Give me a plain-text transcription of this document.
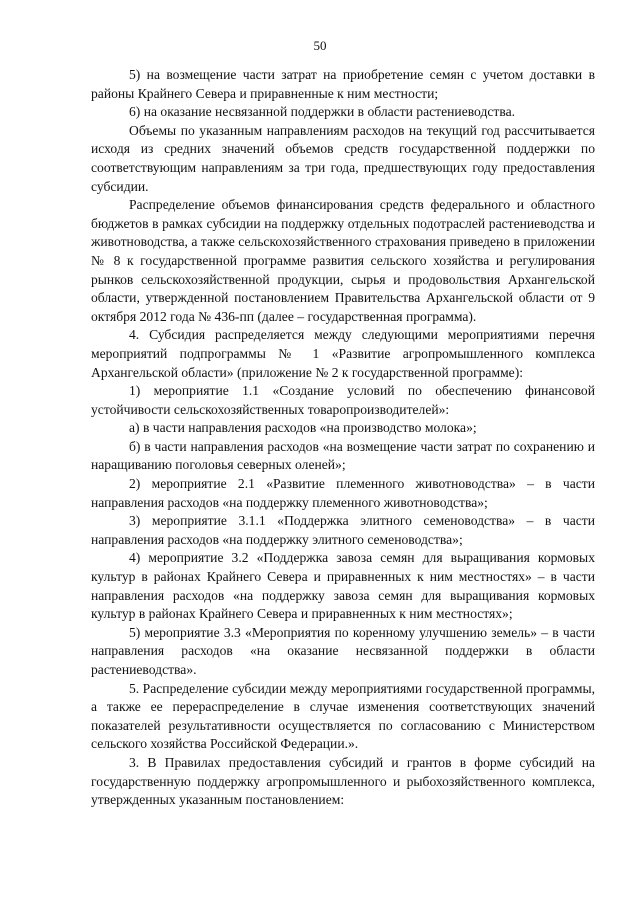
50

5) на возмещение части затрат на приобретение семян с учетом доставки в районы Крайнего Севера и приравненные к ним местности;

6) на оказание несвязанной поддержки в области растениеводства.

Объемы по указанным направлениям расходов на текущий год рассчитывается исходя из средних значений объемов средств государственной поддержки по соответствующим направлениям за три года, предшествующих году предоставления субсидии.

Распределение объемов финансирования средств федерального и областного бюджетов в рамках субсидии на поддержку отдельных подотраслей растениеводства и животноводства, а также сельскохозяйственного страхования приведено в приложении № 8 к государственной программе развития сельского хозяйства и регулирования рынков сельскохозяйственной продукции, сырья и продовольствия Архангельской области, утвержденной постановлением Правительства Архангельской области от 9 октября 2012 года № 436-пп (далее – государственная программа).

4. Субсидия распределяется между следующими мероприятиями перечня мероприятий подпрограммы № 1 «Развитие агропромышленного комплекса Архангельской области» (приложение № 2 к государственной программе):

1) мероприятие 1.1 «Создание условий по обеспечению финансовой устойчивости сельскохозяйственных товаропроизводителей»:

а) в части направления расходов «на производство молока»;

б) в части направления расходов «на возмещение части затрат по сохранению и наращиванию поголовья северных оленей»;

2) мероприятие 2.1 «Развитие племенного животноводства» – в части направления расходов «на поддержку племенного животноводства»;

3) мероприятие 3.1.1 «Поддержка элитного семеноводства» – в части направления расходов «на поддержку элитного семеноводства»;

4) мероприятие 3.2 «Поддержка завоза семян для выращивания кормовых культур в районах Крайнего Севера и приравненных к ним местностях» – в части направления расходов «на поддержку завоза семян для выращивания кормовых культур в районах Крайнего Севера и приравненных к ним местностях»;

5) мероприятие 3.3 «Мероприятия по коренному улучшению земель» – в части направления расходов «на оказание несвязанной поддержки в области растениеводства».

5. Распределение субсидии между мероприятиями государственной программы, а также ее перераспределение в случае изменения соответствующих значений показателей результативности осуществляется по согласованию с Министерством сельского хозяйства Российской Федерации.».

3. В Правилах предоставления субсидий и грантов в форме субсидий на государственную поддержку агропромышленного и рыбохозяйственного комплекса, утвержденных указанным постановлением:
